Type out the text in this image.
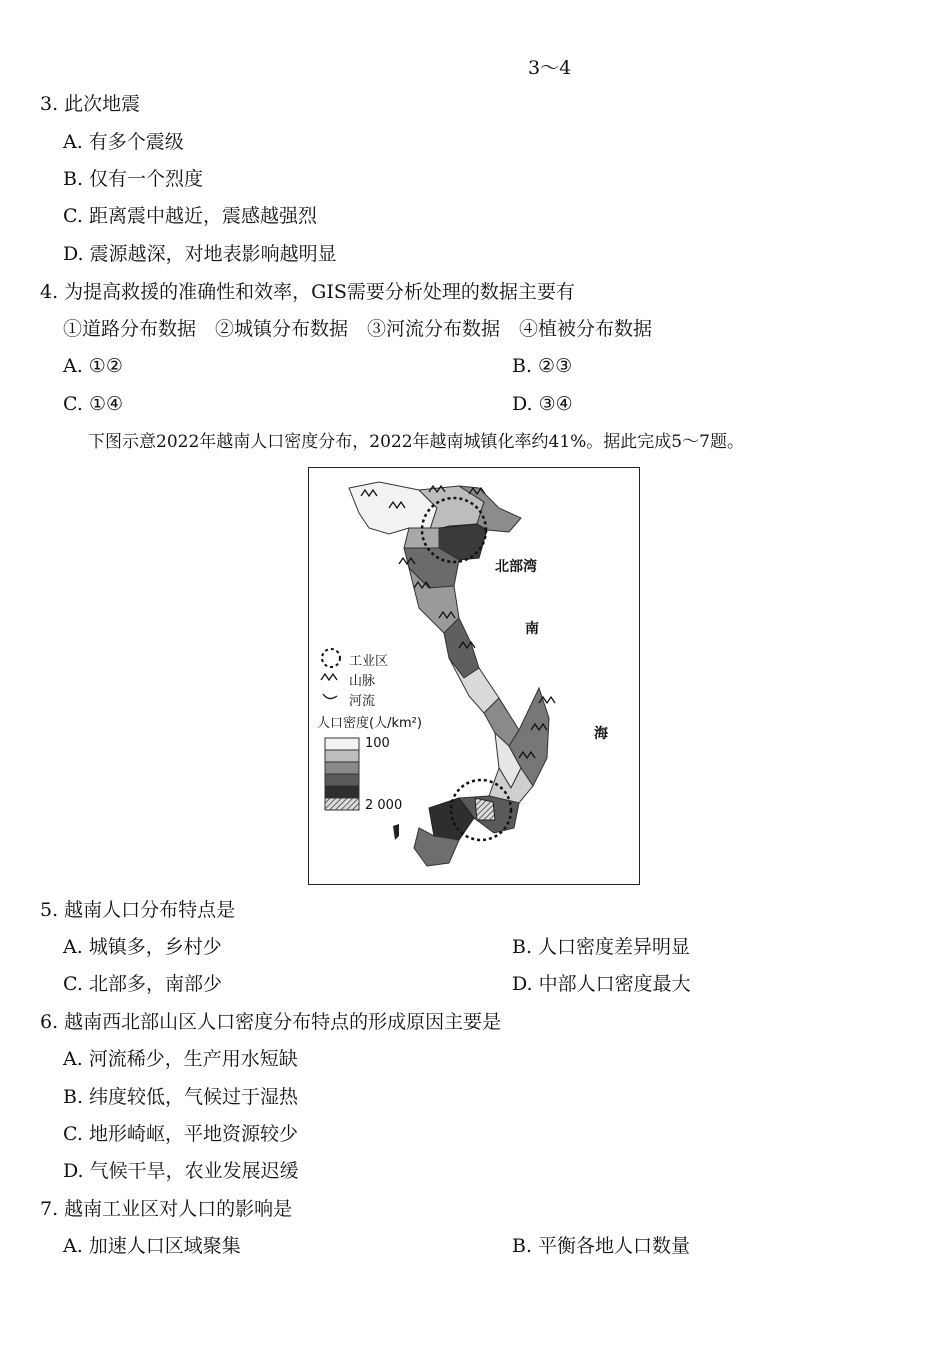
3～4
3. 此次地震
A. 有多个震级
B. 仅有一个烈度
C. 距离震中越近，震感越强烈
D. 震源越深，对地表影响越明显
4. 为提高救援的准确性和效率，GIS需要分析处理的数据主要有
①道路分布数据　②城镇分布数据　③河流分布数据　④植被分布数据
A. ①②	B. ②③
C. ①④	D. ③④
下图示意2022年越南人口密度分布，2022年越南城镇化率约41%。据此完成5～7题。
北部湾
南
海
工业区
山脉
河流
人口密度(人/km²)
100
2 000
5. 越南人口分布特点是
A. 城镇多，乡村少	B. 人口密度差异明显
C. 北部多，南部少	D. 中部人口密度最大
6. 越南西北部山区人口密度分布特点的形成原因主要是
A. 河流稀少，生产用水短缺
B. 纬度较低，气候过于湿热
C. 地形崎岖，平地资源较少
D. 气候干旱，农业发展迟缓
7. 越南工业区对人口的影响是
A. 加速人口区域聚集	B. 平衡各地人口数量
